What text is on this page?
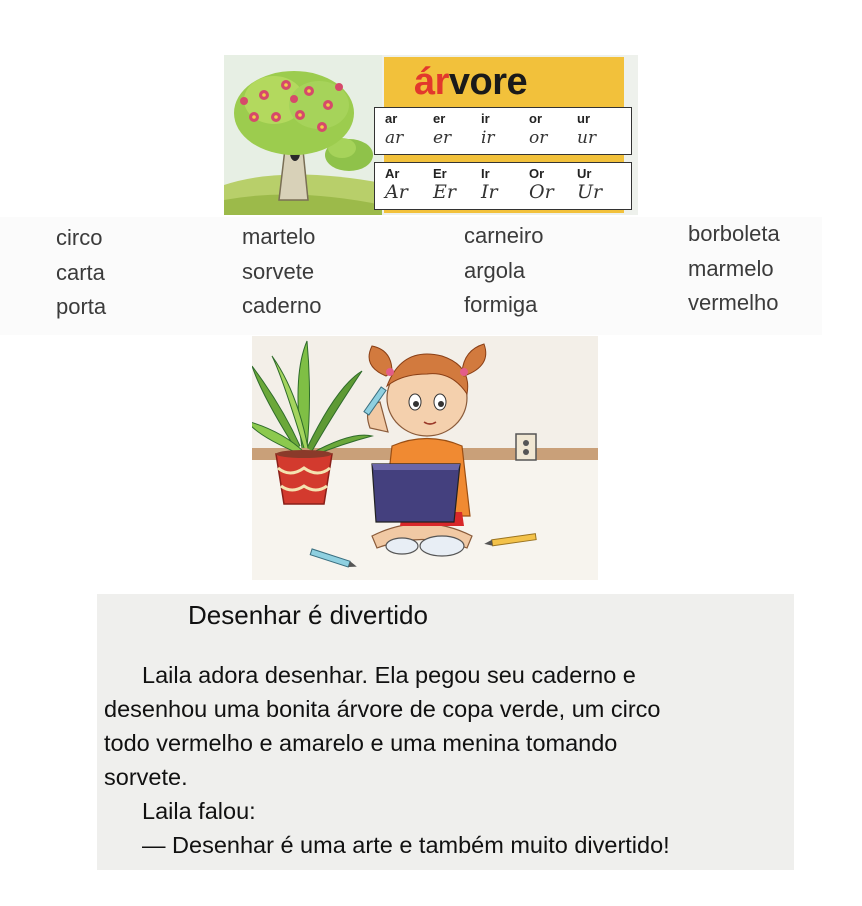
árvore
ar	er	ir	or	ur
ar	er	ir	or	ur
Ar	Er	Ir	Or	Ur
Ar	Er	Ir	Or	Ur
circo
carta
porta
martelo
sorvete
caderno
carneiro
argola
formiga
borboleta
marmelo
vermelho
Desenhar é divertido

Laila adora desenhar. Ela pegou seu caderno e

desenhou uma bonita árvore de copa verde, um circo

todo vermelho e amarelo e uma menina tomando

sorvete.

Laila falou:

— Desenhar é uma arte e também muito divertido!
